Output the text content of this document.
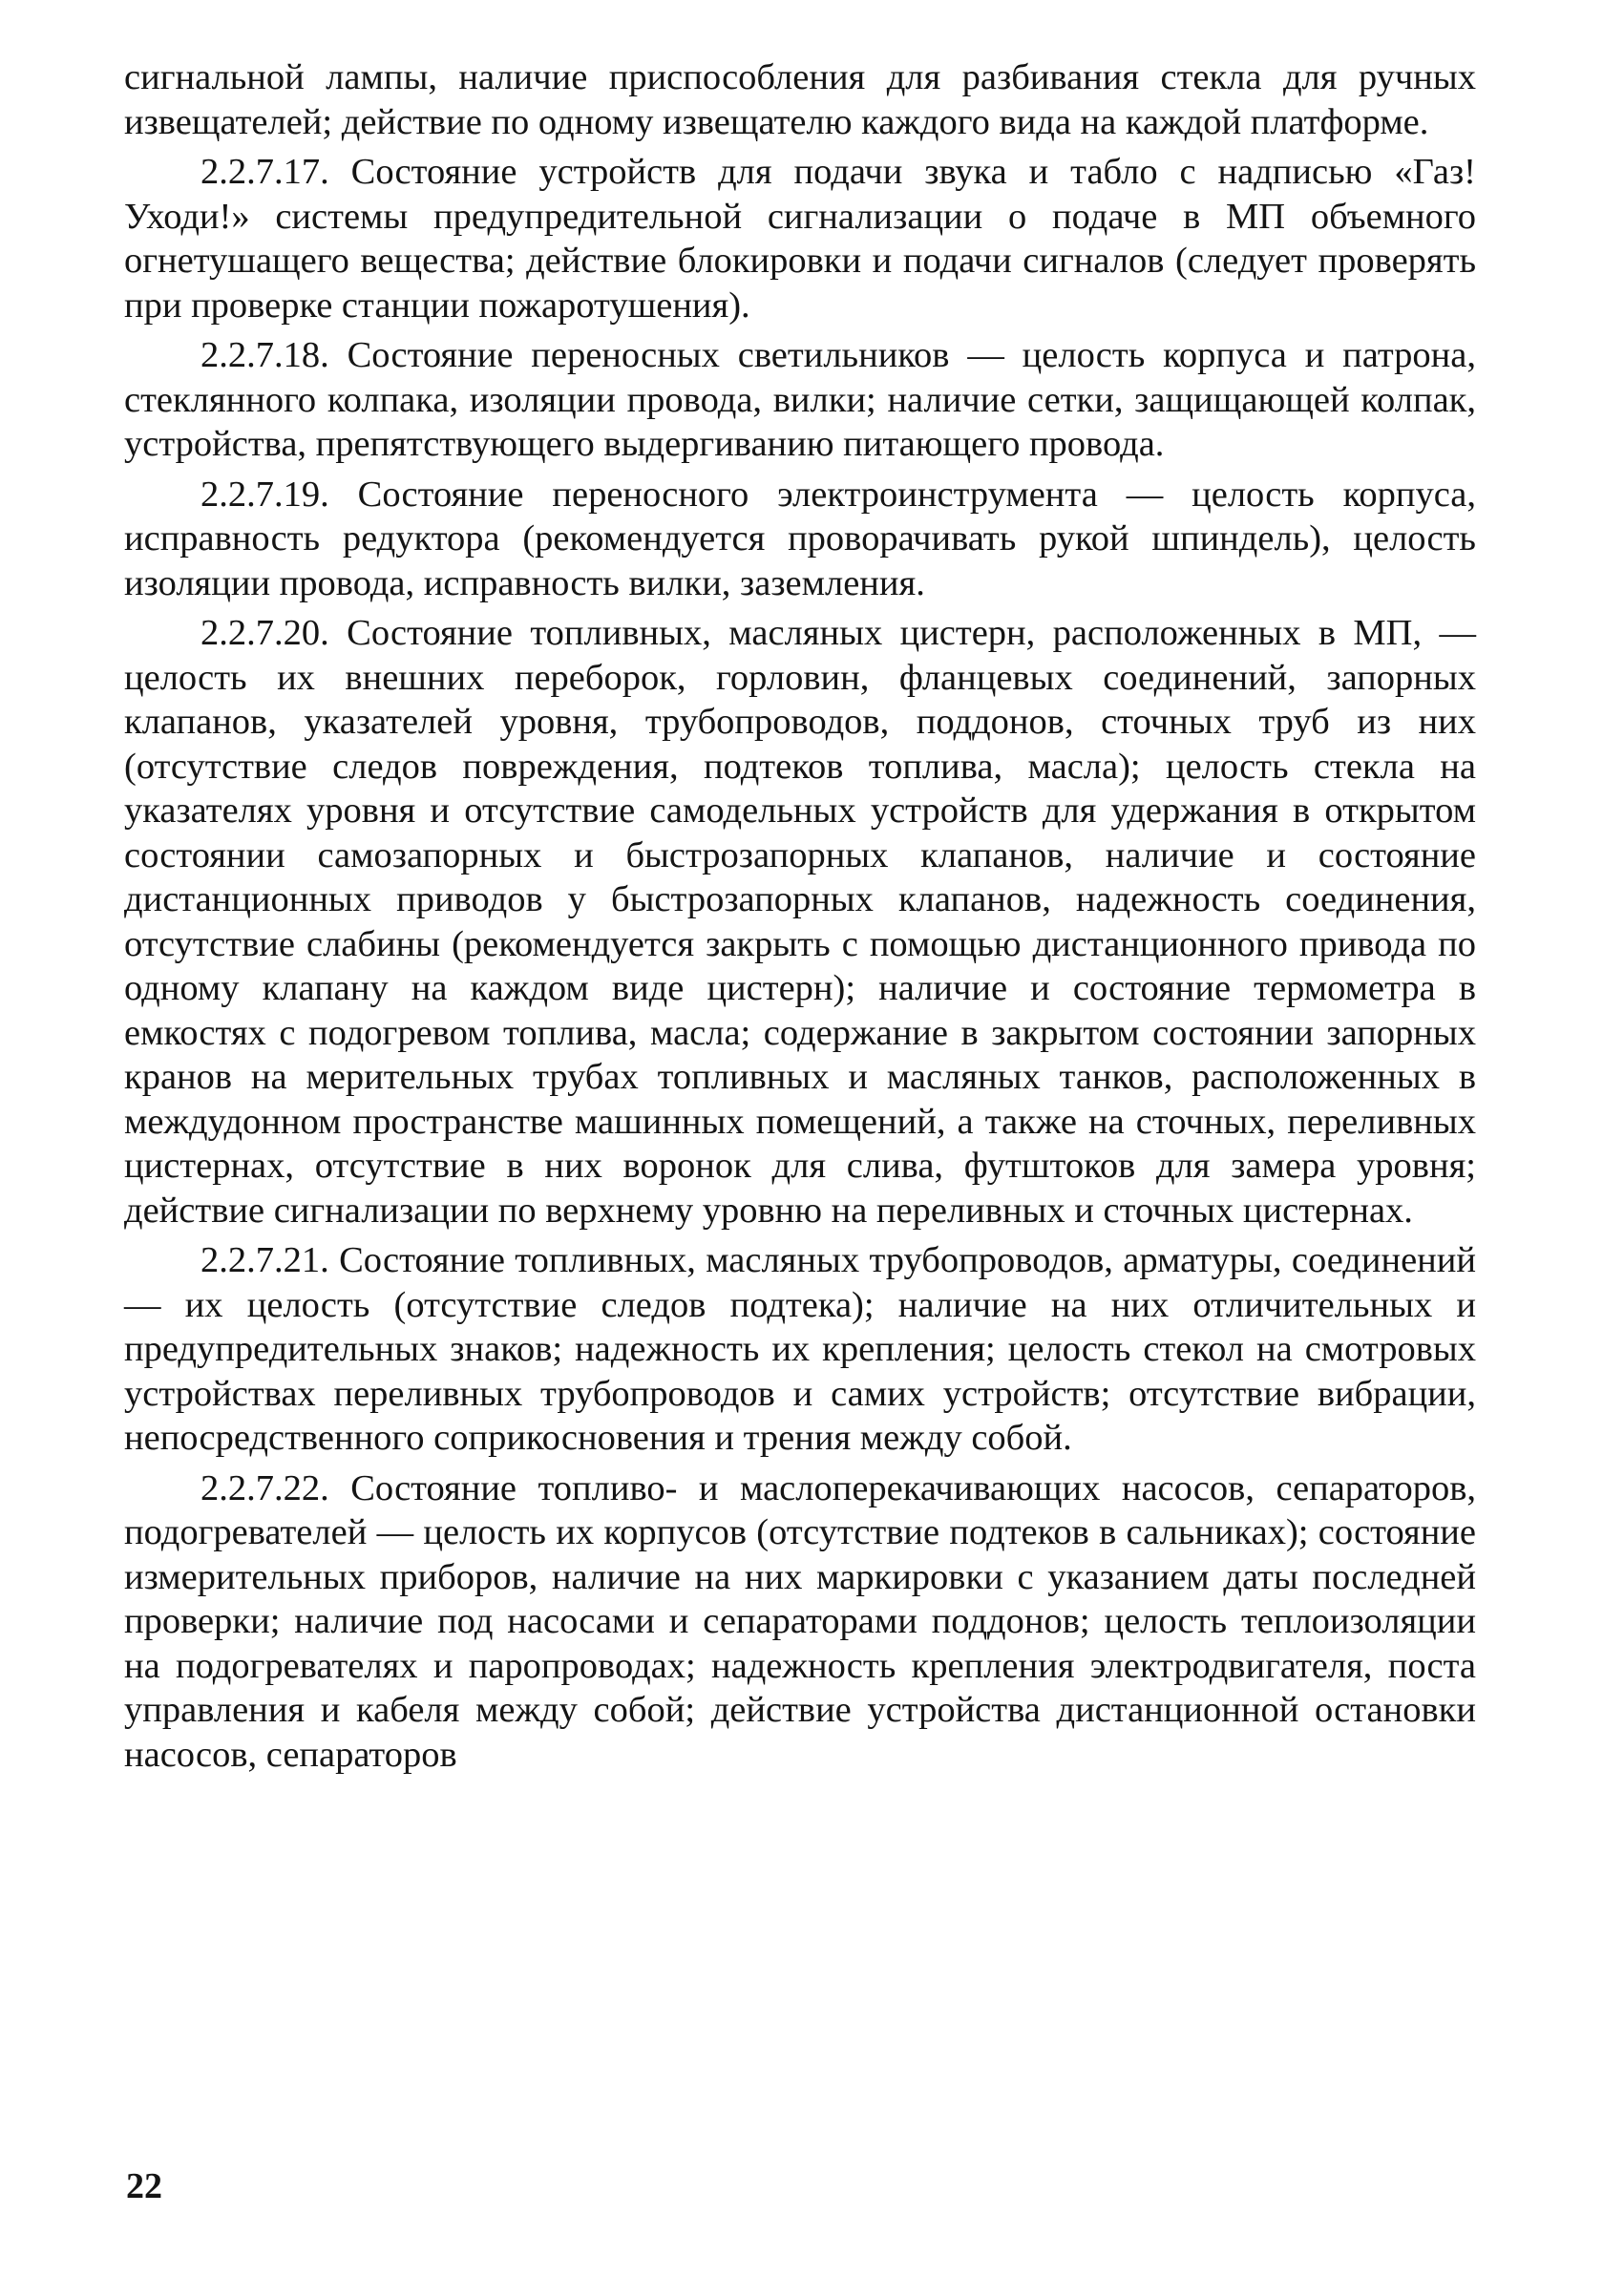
сигнальной лампы, наличие приспособления для разбивания стекла для ручных извещателей; действие по одному извещателю каждого вида на каждой платформе.

2.2.7.17. Состояние устройств для подачи звука и табло с надписью «Газ! Уходи!» системы предупредительной сигнализации о подаче в МП объемного огнетушащего вещества; действие блокировки и подачи сигналов (следует проверять при проверке станции пожаротушения).

2.2.7.18. Состояние переносных светильников — целость корпуса и патрона, стеклянного колпака, изоляции провода, вилки; наличие сетки, защищающей колпак, устройства, препятствующего выдергиванию питающего провода.

2.2.7.19. Состояние переносного электроинструмента — целость корпуса, исправность редуктора (рекомендуется проворачивать рукой шпиндель), целость изоляции провода, исправность вилки, заземления.

2.2.7.20. Состояние топливных, масляных цистерн, расположенных в МП, — целость их внешних переборок, горловин, фланцевых соединений, запорных клапанов, указателей уровня, трубопроводов, поддонов, сточных труб из них (отсутствие следов повреждения, подтеков топлива, масла); целость стекла на указателях уровня и отсутствие самодельных устройств для удержания в открытом состоянии самозапорных и быстрозапорных клапанов, наличие и состояние дистанционных приводов у быстрозапорных клапанов, надежность соединения, отсутствие слабины (рекомендуется закрыть с помощью дистанционного привода по одному клапану на каждом виде цистерн); наличие и состояние термометра в емкостях с подогревом топлива, масла; содержание в закрытом состоянии запорных кранов на мерительных трубах топливных и масляных танков, расположенных в междудонном пространстве машинных помещений, а также на сточных, переливных цистернах, отсутствие в них воронок для слива, футштоков для замера уровня; действие сигнализации по верхнему уровню на переливных и сточных цистернах.

2.2.7.21. Состояние топливных, масляных трубопроводов, арматуры, соединений — их целость (отсутствие следов подтека); наличие на них отличительных и предупредительных знаков; надежность их крепления; целость стекол на смотровых устройствах переливных трубопроводов и самих устройств; отсутствие вибрации, непосредственного соприкосновения и трения между собой.

2.2.7.22. Состояние топливо- и маслоперекачивающих насосов, сепараторов, подогревателей — целость их корпусов (отсутствие подтеков в сальниках); состояние измерительных приборов, наличие на них маркировки с указанием даты последней проверки; наличие под насосами и сепараторами поддонов; целость теплоизоляции на подогревателях и паропроводах; надежность крепления электродвигателя, поста управления и кабеля между собой; действие устройства дистанционной остановки насосов, сепараторов

22
